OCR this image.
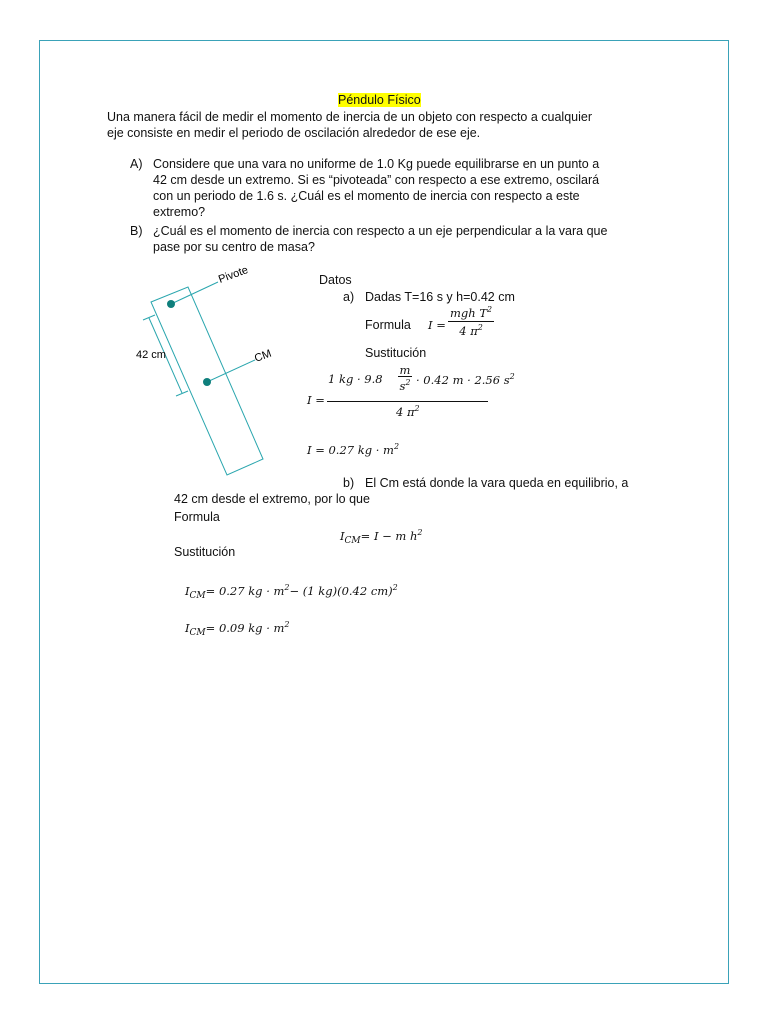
Péndulo Físico
Una manera fácil de medir el momento de inercia de un objeto con respecto a cualquier
eje consiste en medir el periodo de oscilación alrededor de ese eje.
A) Considere que una vara no uniforme de 1.0 Kg puede equilibrarse en un punto a
42 cm desde un extremo. Si es “pivoteada” con respecto a ese extremo, oscilará
con un periodo de 1.6 s. ¿Cuál es el momento de inercia con respecto a este
extremo?
B) ¿Cuál es el momento de inercia con respecto a un eje perpendicular a la vara que
pase por su centro de masa?
Pivote
CM
42 cm
Datos
a) Dadas T=16 s y h=0.42 cm
Formula I =
mgh $T^2$
4 $\pi^2$
Sustitución
I =
1 kg · 9.8
m
$s^2 \cdot 0.42$ m · 2.56 $s^2$
4 $\pi^2$
I = 0.27 kg · $m^2$
b) El Cm está donde la vara queda en equilibrio, a
42 cm desde el extremo, por lo que
Formula
$I_{CM}= I - m$ $h^2$
Sustitución
$I_{CM}= 0.27$ kg · $m^2- (1$ kg)(0.42 cm)$^2$
$I_{CM}= 0.09$ kg · $m^2$
